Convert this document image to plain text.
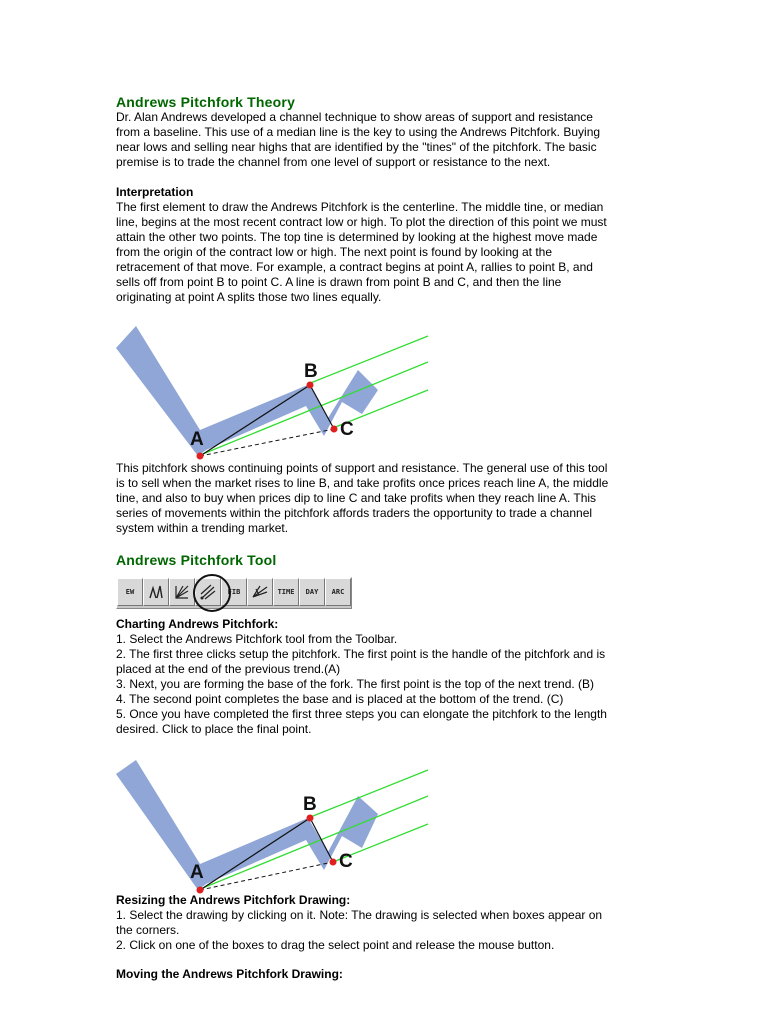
Andrews Pitchfork Theory
Dr. Alan Andrews developed a channel technique to show areas of support and resistance
from a baseline. This use of a median line is the key to using the Andrews Pitchfork. Buying
near lows and selling near highs that are identified by the "tines" of the pitchfork. The basic
premise is to trade the channel from one level of support or resistance to the next.
Interpretation
The first element to draw the Andrews Pitchfork is the centerline. The middle tine, or median
line, begins at the most recent contract low or high. To plot the direction of this point we must
attain the other two points. The top tine is determined by looking at the highest move made
from the origin of the contract low or high. The next point is found by looking at the
retracement of that move. For example, a contract begins at point A, rallies to point B, and
sells off from point B to point C. A line is drawn from point B and C, and then the line
originating at point A splits those two lines equally.
A
B
C
This pitchfork shows continuing points of support and resistance. The general use of this tool
is to sell when the market rises to line B, and take profits once prices reach line A, the middle
tine, and also to buy when prices dip to line C and take profits when they reach line A. This
series of movements within the pitchfork affords traders the opportunity to trade a channel
system within a trending market.
Andrews Pitchfork Tool
EW	FIB	TIME DAY ARC
Charting Andrews Pitchfork:
1. Select the Andrews Pitchfork tool from the Toolbar.
2. The first three clicks setup the pitchfork. The first point is the handle of the pitchfork and is
placed at the end of the previous trend.(A)
3. Next, you are forming the base of the fork. The first point is the top of the next trend. (B)
4. The second point completes the base and is placed at the bottom of the trend. (C)
5. Once you have completed the first three steps you can elongate the pitchfork to the length
desired. Click to place the final point.
A
B
C
Resizing the Andrews Pitchfork Drawing:
1. Select the drawing by clicking on it. Note: The drawing is selected when boxes appear on
the corners.
2. Click on one of the boxes to drag the select point and release the mouse button.
Moving the Andrews Pitchfork Drawing:
